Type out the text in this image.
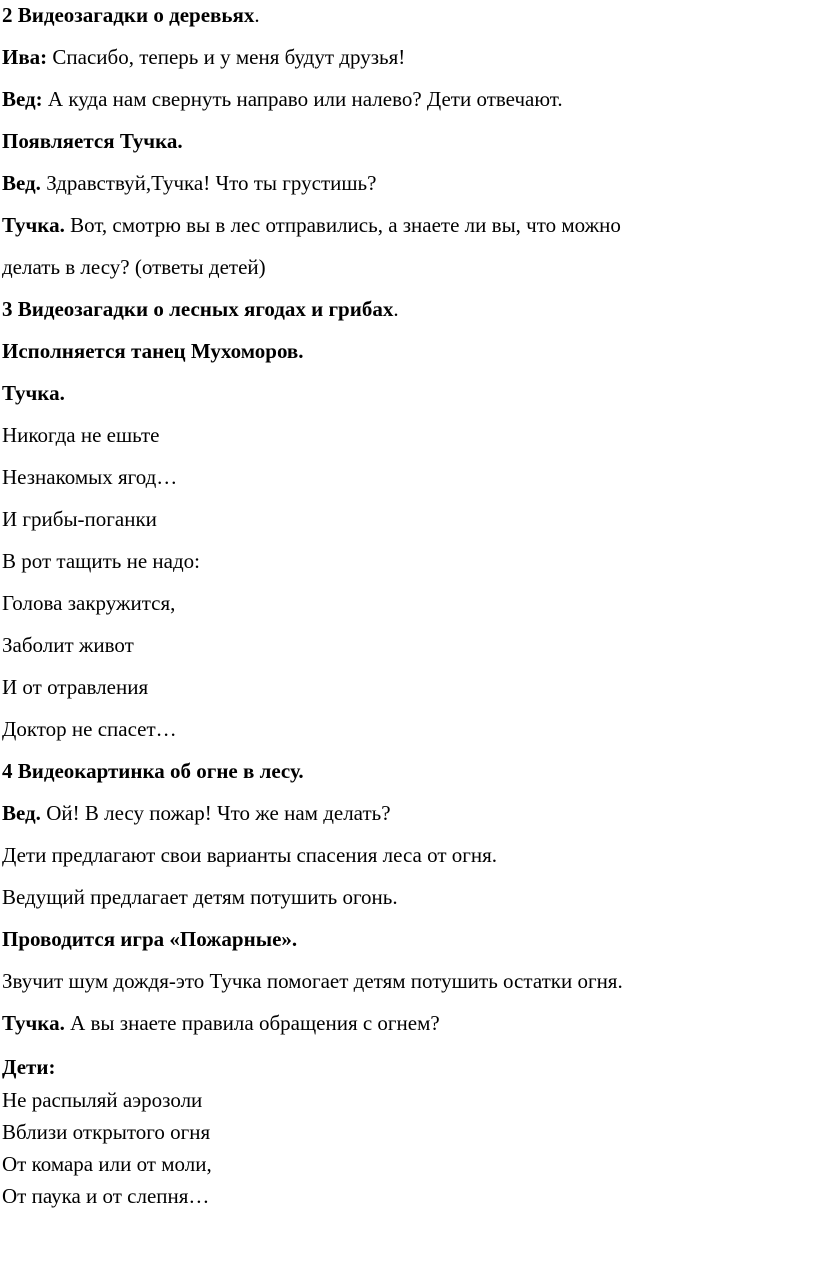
2 Видеозагадки о деревьях.
Ива: Спасибо, теперь и у меня будут друзья!
Вед: А куда нам свернуть направо или налево? Дети отвечают.
Появляется Тучка.
Вед. Здравствуй,Тучка! Что ты грустишь?
Тучка. Вот, смотрю вы в лес отправились, а знаете ли вы, что можно
делать в лесу? (ответы детей)
3 Видеозагадки о лесных ягодах и грибах.
Исполняется танец Мухоморов.
Тучка.
Никогда не ешьте
Незнакомых ягод…
И грибы-поганки
В рот тащить не надо:
Голова закружится,
Заболит живот
И от отравления
Доктор не спасет…
4 Видеокартинка об огне в лесу.
Вед. Ой! В лесу пожар! Что же нам делать?
Дети предлагают свои варианты спасения леса от огня.
Ведущий предлагает детям потушить огонь.
Проводится игра «Пожарные».
Звучит шум дождя-это Тучка помогает детям потушить остатки огня.
Тучка. А вы знаете правила обращения с огнем?
Дети:
Не распыляй аэрозоли
Вблизи открытого огня
От комара или от моли,
От паука и от слепня…
